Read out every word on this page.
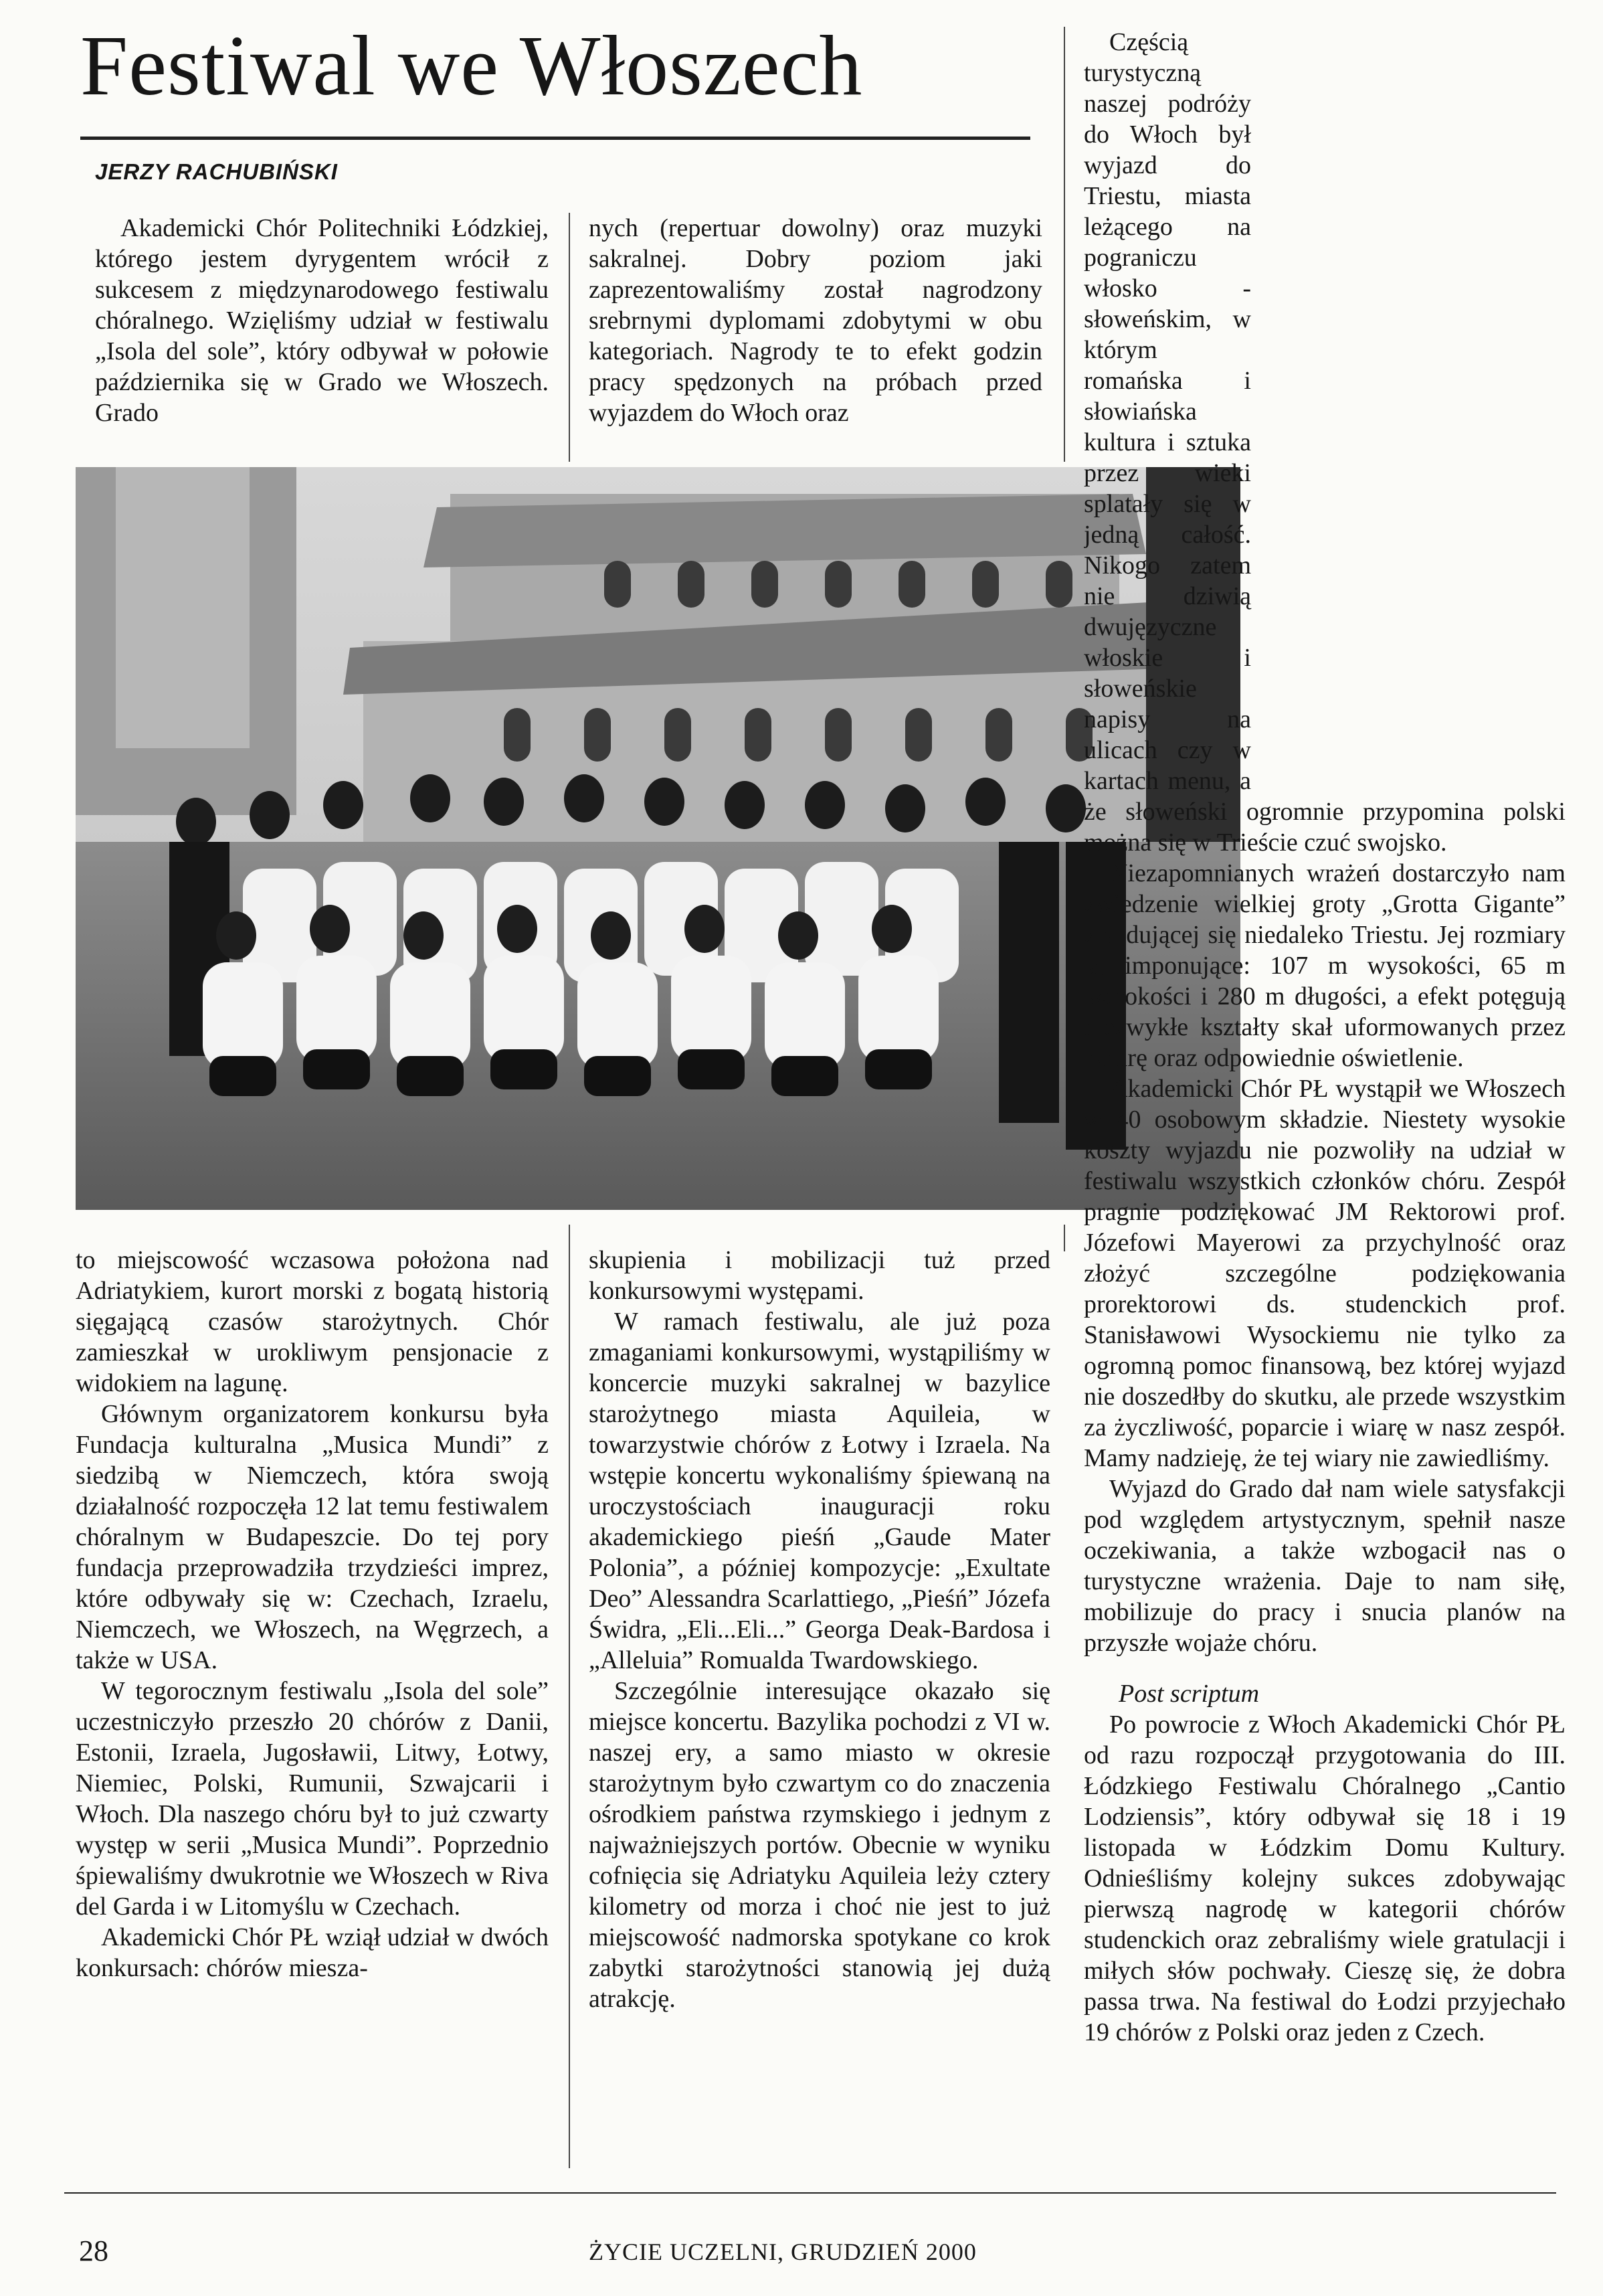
Festiwal we Włoszech
JERZY RACHUBIŃSKI

Akademicki Chór Politechniki Łódzkiej, którego jestem dyrygentem wrócił z sukcesem z międzynarodowego festiwalu chóralnego. Wzięliśmy udział w festiwalu „Isola del sole”, który odbywał w połowie października się w Grado we Włoszech. Grado

nych (repertuar dowolny) oraz muzyki sakralnej. Dobry poziom jaki zaprezentowaliśmy został nagrodzony srebrnymi dyplomami zdobytymi w obu kategoriach. Nagrody te to efekt godzin pracy spędzonych na próbach przed wyjazdem do Włoch oraz

to miejscowość wczasowa położona nad Adriatykiem, kurort morski z bogatą historią sięgającą czasów starożytnych. Chór zamieszkał w urokliwym pensjonacie z widokiem na lagunę.

Głównym organizatorem konkursu była Fundacja kulturalna „Musica Mundi” z siedzibą w Niemczech, która swoją działalność rozpoczęła 12 lat temu festiwalem chóralnym w Budapeszcie. Do tej pory fundacja przeprowadziła trzydzieści imprez, które odbywały się w: Czechach, Izraelu, Niemczech, we Włoszech, na Węgrzech, a także w USA.

W tegorocznym festiwalu „Isola del sole” uczestniczyło przeszło 20 chórów z Danii, Estonii, Izraela, Jugosławii, Litwy, Łotwy, Niemiec, Polski, Rumunii, Szwajcarii i Włoch. Dla naszego chóru był to już czwarty występ w serii „Musica Mundi”. Poprzednio śpiewaliśmy dwukrotnie we Włoszech w Riva del Garda i w Litomyślu w Czechach.

Akademicki Chór PŁ wziął udział w dwóch konkursach: chórów miesza-

skupienia i mobilizacji tuż przed konkursowymi występami.

W ramach festiwalu, ale już poza zmaganiami konkursowymi, wystąpiliśmy w koncercie muzyki sakralnej w bazylice starożytnego miasta Aquileia, w towarzystwie chórów z Łotwy i Izraela. Na wstępie koncertu wykonaliśmy śpiewaną na uroczystościach inauguracji roku akademickiego pieśń „Gaude Mater Polonia”, a później kompozycje: „Exultate Deo” Alessandra Scarlattiego, „Pieśń” Józefa Świdra, „Eli...Eli...” Georga Deak-Bardosa i „Alleluia” Romualda Twardowskiego.

Szczególnie interesujące okazało się miejsce koncertu. Bazylika pochodzi z VI w. naszej ery, a samo miasto w okresie starożytnym było czwartym co do znaczenia ośrodkiem państwa rzymskiego i jednym z najważniejszych portów. Obecnie w wyniku cofnięcia się Adriatyku Aquileia leży cztery kilometry od morza i choć nie jest to już miejscowość nadmorska spotykane co krok zabytki starożytności stanowią jej dużą atrakcję.

Częścią turystyczną naszej podróży do Włoch był wyjazd do Triestu, miasta leżącego na pograniczu włosko - słoweńskim, w którym romańska i słowiańska kultura i sztuka przez wieki splatały się w jedną całość. Nikogo zatem nie dziwią dwujęzyczne włoskie i słoweńskie napisy na ulicach czy w kartach menu, a że słoweński ogromnie przypomina polski można się w Trieście czuć swojsko.

Niezapomnianych wrażeń dostarczyło nam zwiedzenie wielkiej groty „Grotta Gigante” znajdującej się niedaleko Triestu. Jej rozmiary są imponujące: 107 m wysokości, 65 m szerokości i 280 m długości, a efekt potęgują niezwykłe kształty skał uformowanych przez naturę oraz odpowiednie oświetlenie.

Akademicki Chór PŁ wystąpił we Włoszech w 40 osobowym składzie. Niestety wysokie koszty wyjazdu nie pozwoliły na udział w festiwalu wszystkich członków chóru. Zespół pragnie podziękować JM Rektorowi prof. Józefowi Mayerowi za przychylność oraz złożyć szczególne podziękowania prorektorowi ds. studenckich prof. Stanisławowi Wysockiemu nie tylko za ogromną pomoc finansową, bez której wyjazd nie doszedłby do skutku, ale przede wszystkim za życzliwość, poparcie i wiarę w nasz zespół. Mamy nadzieję, że tej wiary nie zawiedliśmy.

Wyjazd do Grado dał nam wiele satysfakcji pod względem artystycznym, spełnił nasze oczekiwania, a także wzbogacił nas o turystyczne wrażenia. Daje to nam siłę, mobilizuje do pracy i snucia planów na przyszłe wojaże chóru.

Post scriptum

Po powrocie z Włoch Akademicki Chór PŁ od razu rozpoczął przygotowania do III. Łódzkiego Festiwalu Chóralnego „Cantio Lodziensis”, który odbywał się 18 i 19 listopada w Łódzkim Domu Kultury. Odnieśliśmy kolejny sukces zdobywając pierwszą nagrodę w kategorii chórów studenckich oraz zebraliśmy wiele gratulacji i miłych słów pochwały. Cieszę się, że dobra passa trwa. Na festiwal do Łodzi przyjechało 19 chórów z Polski oraz jeden z Czech.

28	ŻYCIE UCZELNI, GRUDZIEŃ 2000
